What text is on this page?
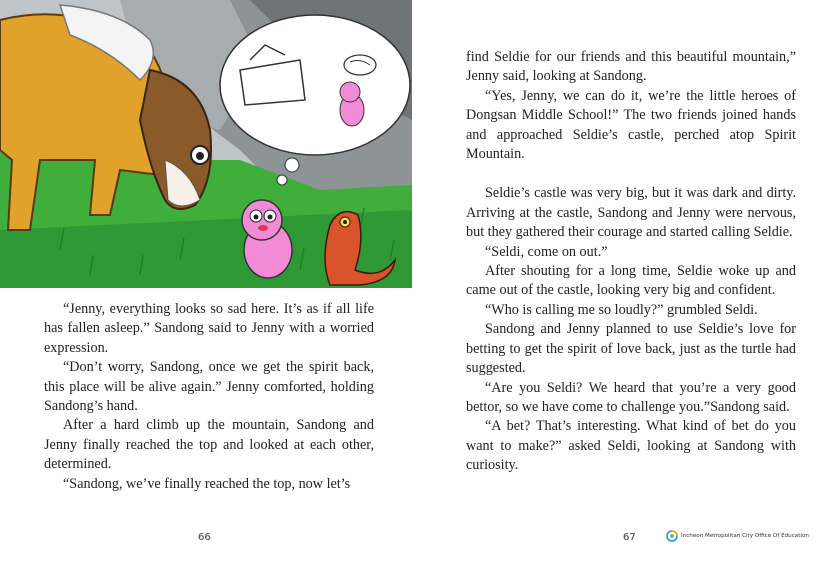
“Jenny, everything looks so sad here. It’s as if all life has fallen asleep.” Sandong said to Jenny with a worried expression.

“Don’t worry, Sandong, once we get the spirit back, this place will be alive again.” Jenny comforted, holding Sandong’s hand.

After a hard climb up the mountain, Sandong and Jenny finally reached the top and looked at each other, determined.

“Sandong, we’ve finally reached the top, now let’s

66

find Seldie for our friends and this beautiful mountain,” Jenny said, looking at Sandong.

“Yes, Jenny, we can do it, we’re the little heroes of Dongsan Middle School!” The two friends joined hands and approached Seldie’s castle, perched atop Spirit Mountain.

Seldie’s castle was very big, but it was dark and dirty. Arriving at the castle, Sandong and Jenny were nervous, but they gathered their courage and started calling Seldie.

“Seldi, come on out.”

After shouting for a long time, Seldie woke up and came out of the castle, looking very big and confident.

“Who is calling me so loudly?” grumbled Seldi.

Sandong and Jenny planned to use Seldie’s love for betting to get the spirit of love back, just as the turtle had suggested.

“Are you Seldi? We heard that you’re a very good bettor, so we have come to challenge you.”Sandong said.

“A bet? That’s interesting. What kind of bet do you want to make?” asked Seldi, looking at Sandong with curiosity.

67	Incheon Metropolitan City Office Of Education
